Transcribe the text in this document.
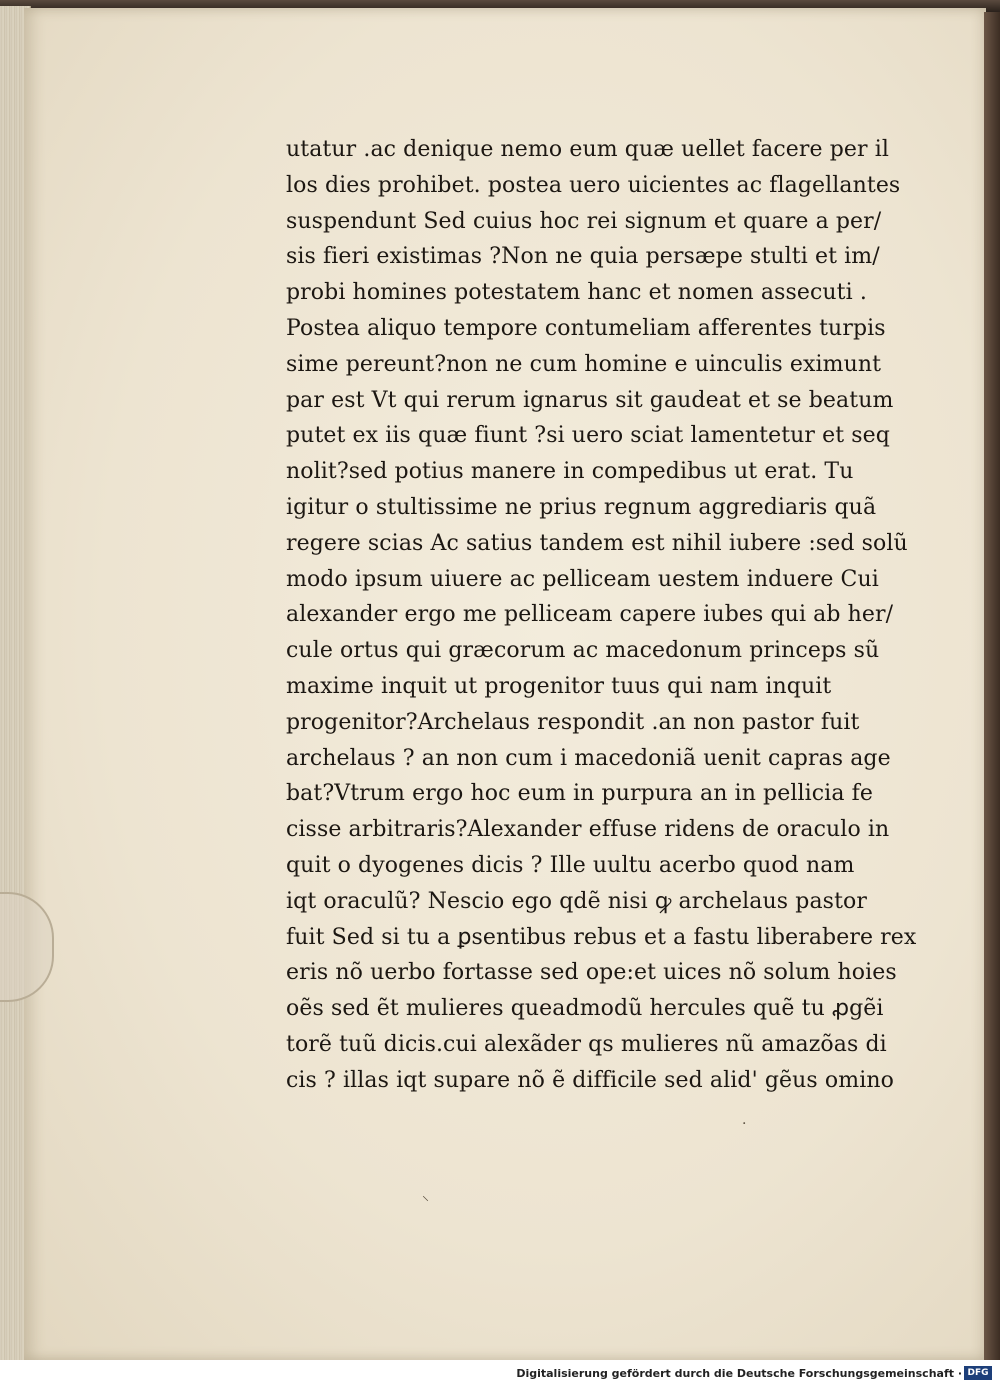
utatur .ac denique nemo eum quæ uellet facere per il
los dies prohibet. postea uero uicientes ac flagellantes
suspendunt Sed cuius hoc rei signum et quare a per/
sis fieri existimas ?Non ne quia persæpe stulti et im/
probi homines potestatem hanc et nomen assecuti .
Postea aliquo tempore contumeliam afferentes turpis
sime pereunt?non ne cum homine e uinculis eximunt
par est Vt qui rerum ignarus sit gaudeat et se beatum
putet ex iis quæ fiunt ?si uero sciat lamentetur et seq
nolit?sed potius manere in compedibus ut erat. Tu
igitur o stultissime ne prius regnum aggrediaris quã
regere scias Ac satius tandem est nihil iubere :sed solũ
modo ipsum uiuere ac pelliceam uestem induere Cui
alexander ergo me pelliceam capere iubes qui ab her/
cule ortus qui græcorum ac macedonum princeps sũ
maxime inquit ut progenitor tuus qui nam inquit
progenitor?Archelaus respondit .an non pastor fuit
archelaus ? an non cum i macedoniã uenit capras age
bat?Vtrum ergo hoc eum in purpura an in pellicia fe
cisse arbitraris?Alexander effuse ridens de oraculo in
quit o dyogenes dicis ? Ille uultu acerbo quod nam
iqt oraculũ? Nescio ego qdẽ nisi ꝙ archelaus pastor
fuit Sed si tu a ꝑsentibus rebus et a fastu liberabere rex
eris nõ uerbo fortasse sed ope:et uices nõ solum hoies
oẽs sed ẽt mulieres queadmodũ hercules quẽ tu ꝓgẽi
torẽ tuũ dicis.cui alexãder qs mulieres nũ amazõas di
cis ? illas iqt supare nõ ẽ difficile sed alid' gẽus omino
⸜
·
Digitalisierung gefördert durch die Deutsche Forschungsgemeinschaft · DFG
